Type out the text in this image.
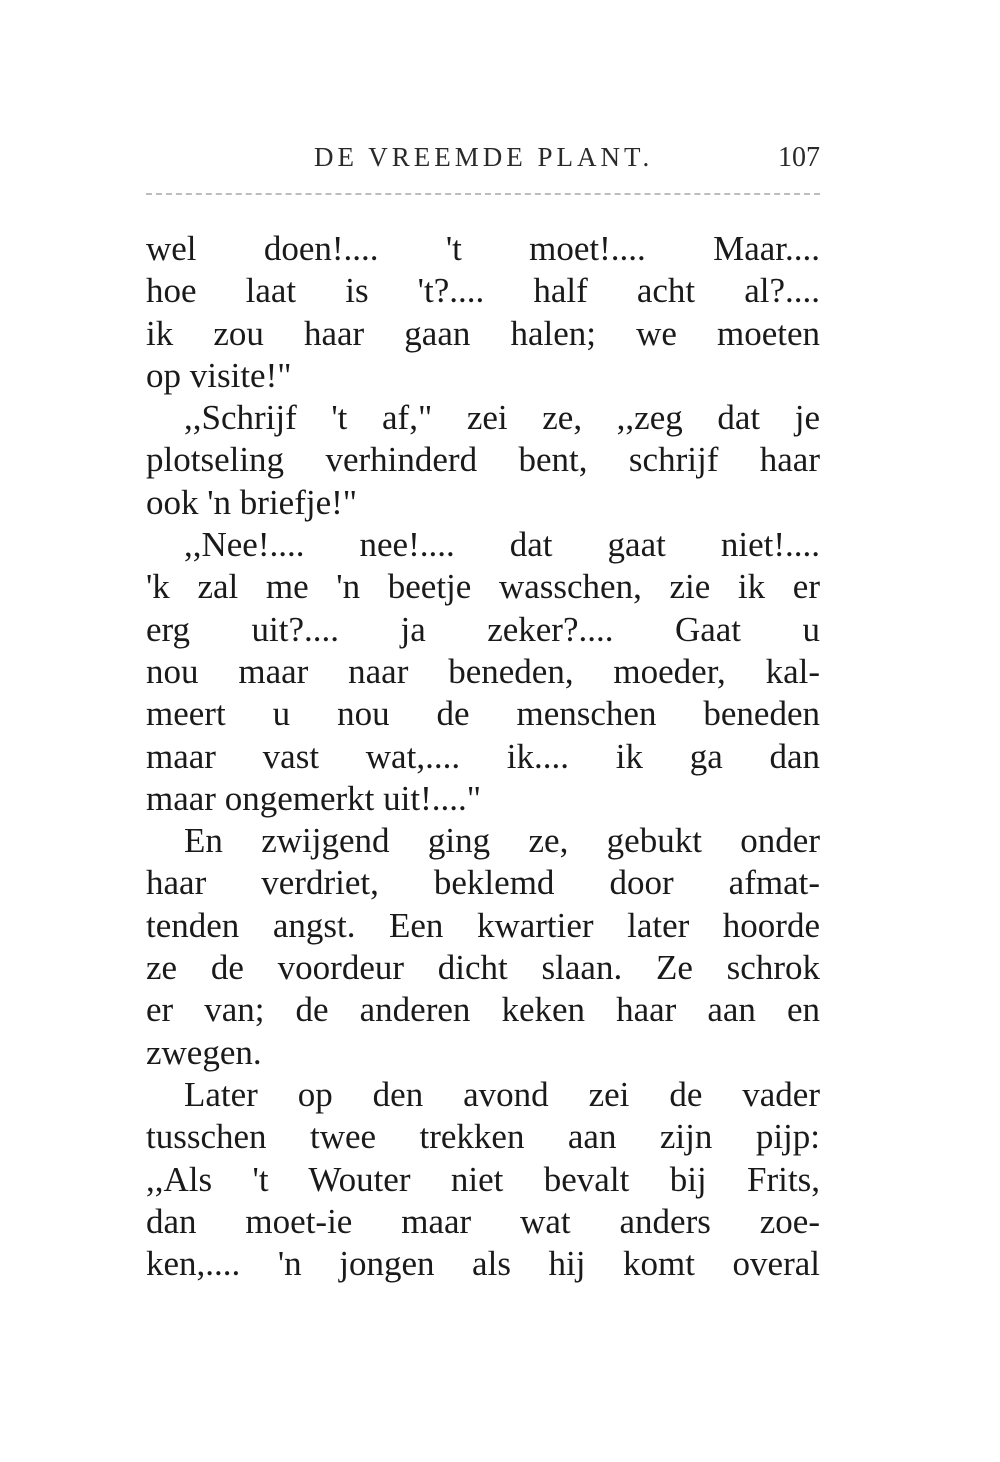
DE VREEMDE PLANT.	107
wel doen!.... 't moet!.... Maar....
hoe laat is 't?.... half acht al?....
ik zou haar gaan halen; we moeten
op visite!"
,,Schrijf 't af," zei ze, ,,zeg dat je
plotseling verhinderd bent, schrijf haar
ook 'n briefje!"
,,Nee!.... nee!.... dat gaat niet!....
'k zal me 'n beetje wasschen, zie ik er
erg uit?.... ja zeker?.... Gaat u
nou maar naar beneden, moeder, kal-
meert u nou de menschen beneden
maar vast wat,.... ik.... ik ga dan
maar ongemerkt uit!...."
En zwijgend ging ze, gebukt onder
haar verdriet, beklemd door afmat-
tenden angst. Een kwartier later hoorde
ze de voordeur dicht slaan. Ze schrok
er van; de anderen keken haar aan en
zwegen.
Later op den avond zei de vader
tusschen twee trekken aan zijn pijp:
,,Als 't Wouter niet bevalt bij Frits,
dan moet-ie maar wat anders zoe-
ken,.... 'n jongen als hij komt overal
